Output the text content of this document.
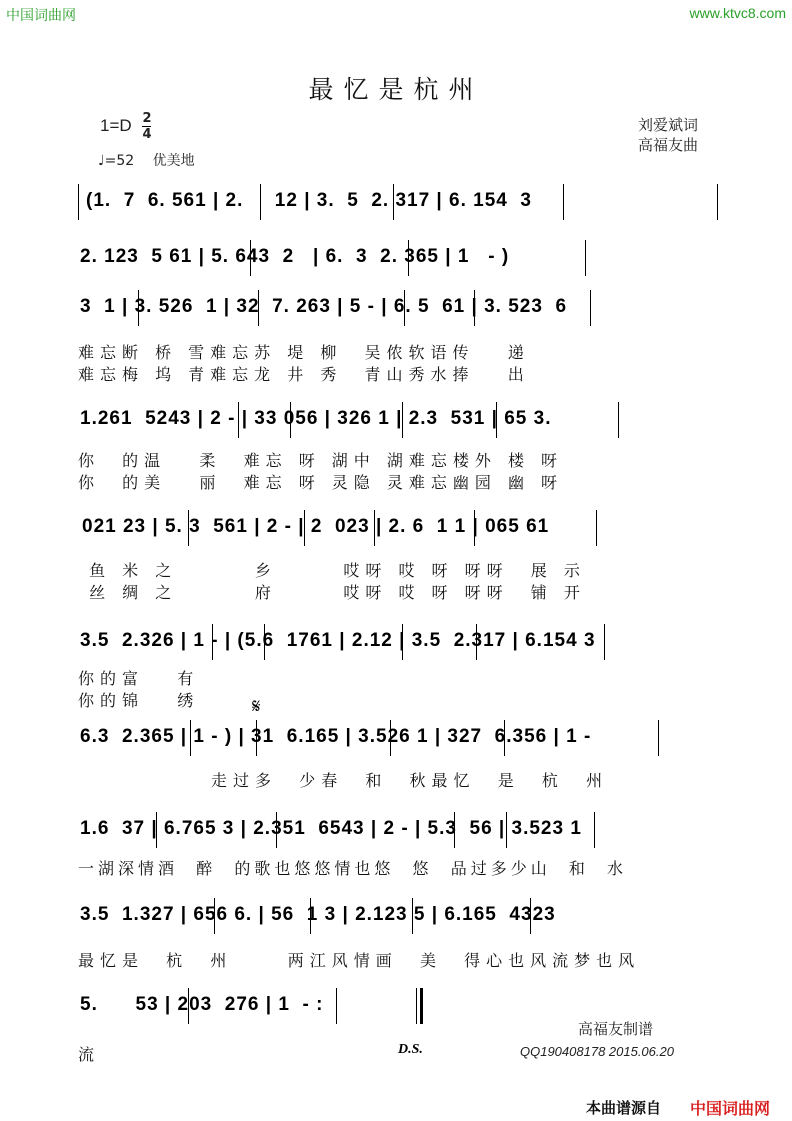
中国词曲网	www.ktvc8.com
最忆是杭州
$1=D \frac{2}{4}$
♩=52 优美地
刘爱斌词
高福友曲
(1.  7  6. 561 | 2.     12 | 3.  5  2. 317 | 6. 154  3
2. 123  5 61 | 5. 643  2   | 6.  3  2. 365 | 1   - )
3  1 | 3. 526  1 | 32  7. 263 | 5 - | 6. 5  61 | 3. 523  6
难忘断 桥 雪难忘苏 堤 柳  吴侬软语传   递
难忘梅 坞 青难忘龙 井 秀  青山秀水捧   出
1.261  5243 | 2 - | 33 056 | 326 1 | 2.3  531 | 65 3.
你  的温   柔  难忘 呀 湖中 湖难忘楼外 楼 呀
你  的美   丽  难忘 呀 灵隐 灵难忘幽园 幽 呀
021 23 | 5. 3  561 | 2 - | 2  023 | 2. 6  1 1 | 065 61
鱼 米 之       乡      哎呀 哎 呀 呀呀  展 示
丝 绸 之       府      哎呀 哎 呀 呀呀  铺 开
3.5  2.326 | 1 - | (5.6  1761 | 2.12 | 3.5  2.317 | 6.154 3
你的富   有
你的锦   绣	𝄋
6.3  2.365 | 1 - ) | 31  6.165 | 3.526 1 | 327  6.356 | 1 -
走过多  少春  和  秋最忆  是  杭  州
1.6  37 | 6.765 3 | 2.351  6543 | 2 - | 5.3  56 | 3.523 1
一湖深情酒  醉  的歌也悠悠情也悠  悠  品过多少山  和  水
3.5  1.327 | 656 6. | 56  1 3 | 2.123 5 | 6.165  4323
最忆是  杭  州     两江风情画  美  得心也风流梦也风
5.      53 | 203  276 | 1  - :
流	D.S.
高福友制谱
QQ190408178 2015.06.20
本曲谱源自 中国词曲网
